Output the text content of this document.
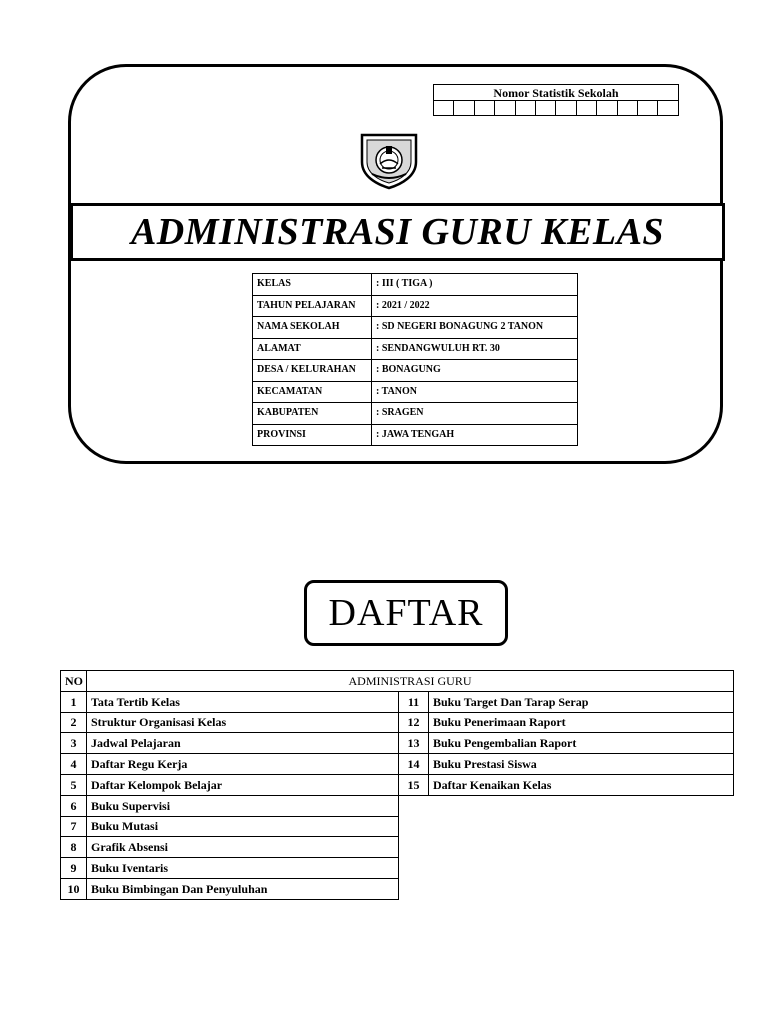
Nomor Statistik Sekolah

ADMINISTRASI GURU KELAS
KELAS	: III ( TIGA )
TAHUN PELAJARAN	: 2021 / 2022
NAMA SEKOLAH	: SD NEGERI BONAGUNG 2 TANON
ALAMAT	: SENDANGWULUH RT. 30
DESA / KELURAHAN	: BONAGUNG
KECAMATAN	: TANON
KABUPATEN	: SRAGEN
PROVINSI	: JAWA TENGAH
DAFTAR
NO	ADMINISTRASI GURU		
1	Tata Tertib Kelas	11	Buku Target Dan Tarap Serap
2	Struktur Organisasi Kelas	12	Buku Penerimaan Raport
3	Jadwal Pelajaran	13	Buku Pengembalian Raport
4	Daftar Regu Kerja	14	Buku Prestasi Siswa
5	Daftar Kelompok Belajar	15	Daftar Kenaikan Kelas
6	Buku Supervisi		
7	Buku Mutasi		
8	Grafik Absensi		
9	Buku Iventaris		
10	Buku Bimbingan Dan Penyuluhan		
